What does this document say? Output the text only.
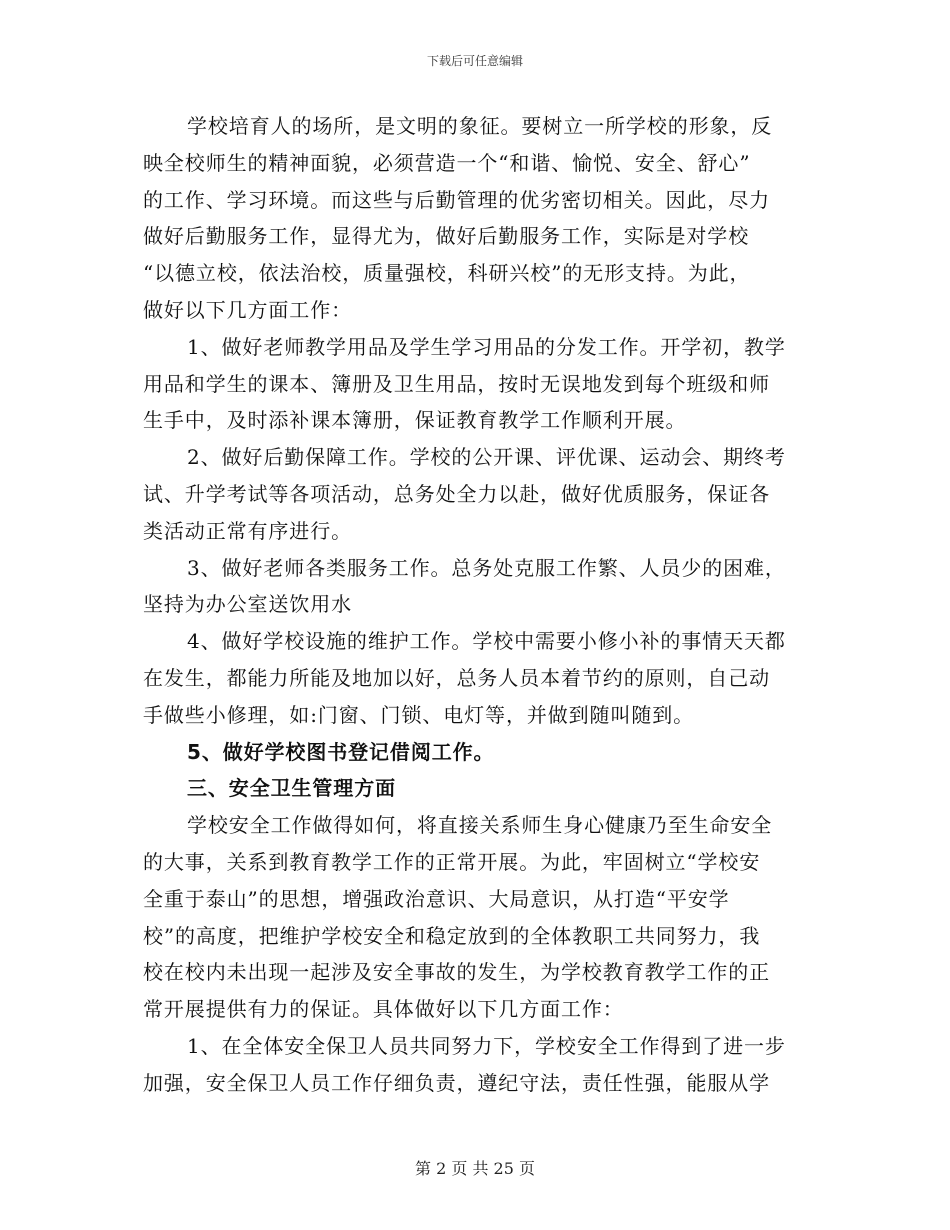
下载后可任意编辑
学校培育人的场所，是文明的象征。要树立一所学校的形象，反
映全校师生的精神面貌，必须营造一个“和谐、愉悦、安全、舒心”
的工作、学习环境。而这些与后勤管理的优劣密切相关。因此，尽力
做好后勤服务工作，显得尤为，做好后勤服务工作，实际是对学校
“以德立校，依法治校，质量强校，科研兴校”的无形支持。为此，
做好以下几方面工作：
1、做好老师教学用品及学生学习用品的分发工作。开学初，教学
用品和学生的课本、簿册及卫生用品，按时无误地发到每个班级和师
生手中，及时添补课本簿册，保证教育教学工作顺利开展。
2、做好后勤保障工作。学校的公开课、评优课、运动会、期终考
试、升学考试等各项活动，总务处全力以赴，做好优质服务，保证各
类活动正常有序进行。
3、做好老师各类服务工作。总务处克服工作繁、人员少的困难，
坚持为办公室送饮用水
4、做好学校设施的维护工作。学校中需要小修小补的事情天天都
在发生，都能力所能及地加以好，总务人员本着节约的原则，自己动
手做些小修理，如:门窗、门锁、电灯等，并做到随叫随到。
5、做好学校图书登记借阅工作。
三、安全卫生管理方面
学校安全工作做得如何，将直接关系师生身心健康乃至生命安全
的大事，关系到教育教学工作的正常开展。为此，牢固树立“学校安
全重于泰山”的思想，增强政治意识、大局意识，从打造“平安学
校”的高度，把维护学校安全和稳定放到的全体教职工共同努力，我
校在校内未出现一起涉及安全事故的发生，为学校教育教学工作的正
常开展提供有力的保证。具体做好以下几方面工作：
1、在全体安全保卫人员共同努力下，学校安全工作得到了进一步
加强，安全保卫人员工作仔细负责，遵纪守法，责任性强，能服从学
第 2 页 共 25 页
